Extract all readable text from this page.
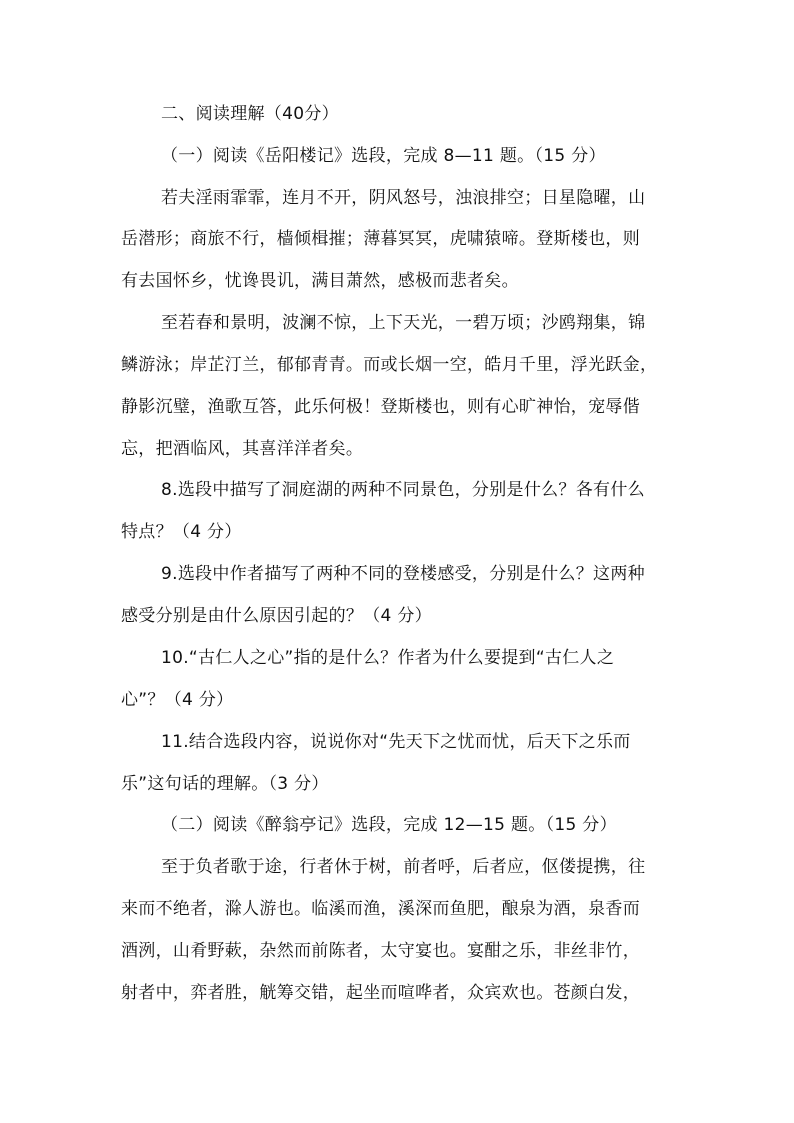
二、阅读理解（40分）
（一）阅读《岳阳楼记》选段，完成 8—11 题。（15 分）
若夫淫雨霏霏，连月不开，阴风怒号，浊浪排空；日星隐曜，山
岳潜形；商旅不行，樯倾楫摧；薄暮冥冥，虎啸猿啼。登斯楼也，则
有去国怀乡，忧谗畏讥，满目萧然，感极而悲者矣。
至若春和景明，波澜不惊，上下天光，一碧万顷；沙鸥翔集，锦
鳞游泳；岸芷汀兰，郁郁青青。而或长烟一空，皓月千里，浮光跃金，
静影沉璧，渔歌互答，此乐何极！登斯楼也，则有心旷神怡，宠辱偕
忘，把酒临风，其喜洋洋者矣。
8.选段中描写了洞庭湖的两种不同景色，分别是什么？各有什么
特点？（4 分）
9.选段中作者描写了两种不同的登楼感受，分别是什么？这两种
感受分别是由什么原因引起的？（4 分）
10.“古仁人之心”指的是什么？作者为什么要提到“古仁人之
心”？（4 分）
11.结合选段内容，说说你对“先天下之忧而忧，后天下之乐而
乐”这句话的理解。（3 分）
（二）阅读《醉翁亭记》选段，完成 12—15 题。（15 分）
至于负者歌于途，行者休于树，前者呼，后者应，伛偻提携，往
来而不绝者，滁人游也。临溪而渔，溪深而鱼肥，酿泉为酒，泉香而
酒洌，山肴野蔌，杂然而前陈者，太守宴也。宴酣之乐，非丝非竹，
射者中，弈者胜，觥筹交错，起坐而喧哗者，众宾欢也。苍颜白发，
